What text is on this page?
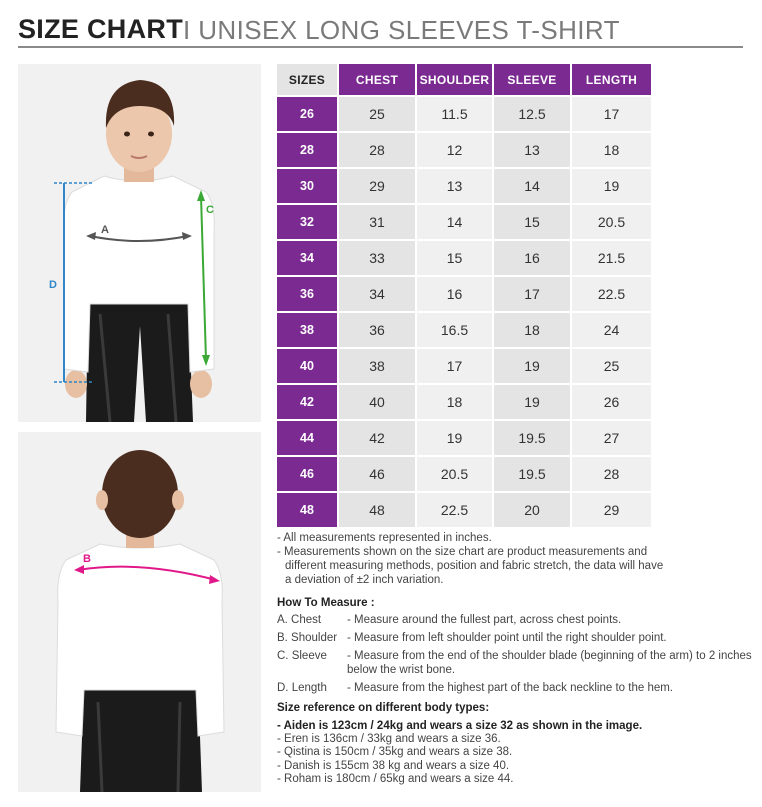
SIZE CHART I UNISEX LONG SLEEVES T-SHIRT
A
C
D
B
SIZES	CHEST	SHOULDER	SLEEVE	LENGTH
26	25	11.5	12.5	17
28	28	12	13	18
30	29	13	14	19
32	31	14	15	20.5
34	33	15	16	21.5
36	34	16	17	22.5
38	36	16.5	18	24
40	38	17	19	25
42	40	18	19	26
44	42	19	19.5	27
46	46	20.5	19.5	28
48	48	22.5	20	29
- All measurements represented in inches.
- Measurements shown on the size chart are product measurements and
different measuring methods, position and fabric stretch, the data will have
a deviation of ±2 inch variation.
How To Measure :
A. Chest	- Measure around the fullest part, across chest points.
B. Shoulder - Measure from left shoulder point until the right shoulder point.
C. Sleeve	- Measure from the end of the shoulder blade (beginning of the arm) to 2 inches below the wrist bone.
D. Length	- Measure from the highest part of the back neckline to the hem.
Size reference on different body types:
- Aiden is 123cm / 24kg and wears a size 32 as shown in the image.
- Eren is 136cm / 33kg and wears a size 36.
- Qistina is 150cm / 35kg and wears a size 38.
- Danish is 155cm 38 kg and wears a size 40.
- Roham is 180cm / 65kg and wears a size 44.
